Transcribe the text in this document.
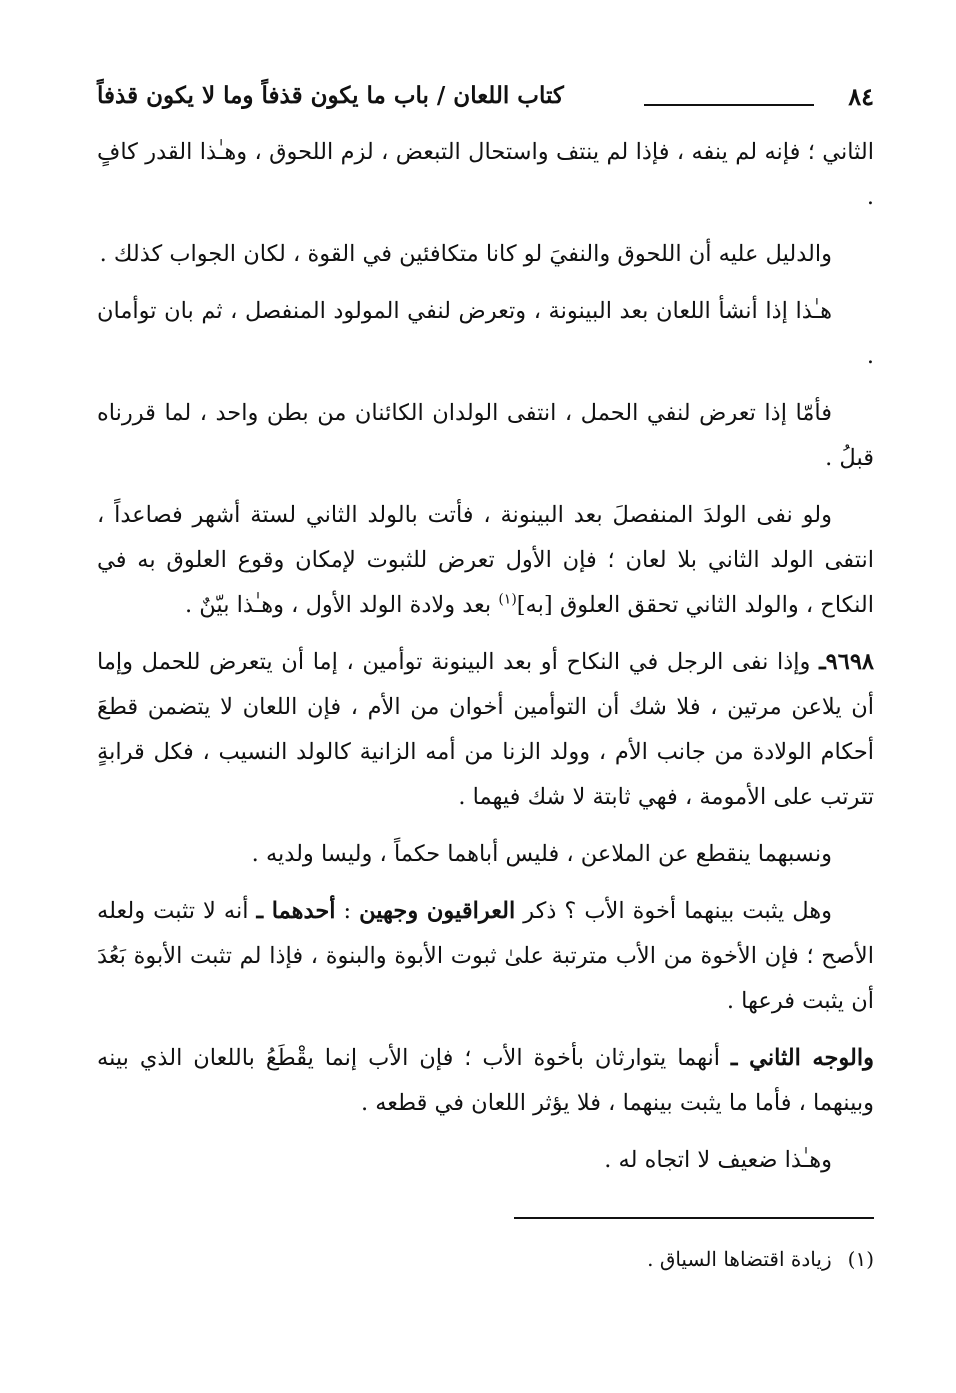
٨٤
كتاب اللعان / باب ما يكون قذفاً وما لا يكون قذفاً

الثاني ؛ فإنه لم ينفه ، فإذا لم ينتف واستحال التبعض ، لزم اللحوق ، وهـٰذا القدر كافٍ .

والدليل عليه أن اللحوق والنفيَ لو كانا متكافئين في القوة ، لكان الجواب كذلك .

هـٰذا إذا أنشأ اللعان بعد البينونة ، وتعرض لنفي المولود المنفصل ، ثم بان توأمان .

فأمّا إذا تعرض لنفي الحمل ، انتفى الولدان الكائنان من بطن واحد ، لما قررناه قبلُ .

ولو نفى الولدَ المنفصلَ بعد البينونة ، فأتت بالولد الثاني لستة أشهر فصاعداً ، انتفى الولد الثاني بلا لعان ؛ فإن الأول تعرض للثبوت لإمكان وقوع العلوق به في النكاح ، والولد الثاني تحقق العلوق [به]$^{(١)}$ بعد ولادة الولد الأول ، وهـٰذا بيّنٌ .

٩٦٩٨ـ وإذا نفى الرجل في النكاح أو بعد البينونة توأمين ، إما أن يتعرض للحمل وإما أن يلاعن مرتين ، فلا شك أن التوأمين أخوان من الأم ، فإن اللعان لا يتضمن قطعَ أحكام الولادة من جانب الأم ، وولد الزنا من أمه الزانية كالولد النسيب ، فكل قرابةٍ تترتب على الأمومة ، فهي ثابتة لا شك فيهما .

ونسبهما ينقطع عن الملاعن ، فليس أباهما حكماً ، وليسا ولديه .

وهل يثبت بينهما أخوة الأب ؟ ذكر العراقيون وجهين : أحدهما ـ أنه لا تثبت ولعله الأصح ؛ فإن الأخوة من الأب مترتبة علىٰ ثبوت الأبوة والبنوة ، فإذا لم تثبت الأبوة بَعُدَ أن يثبت فرعها .

والوجه الثاني ـ أنهما يتوارثان بأخوة الأب ؛ فإن الأب إنما يقْطَعُ باللعان الذي بينه وبينهما ، فأما ما يثبت بينهما ، فلا يؤثر اللعان في قطعه .

وهـٰذا ضعيف لا اتجاه له .

(١)زيادة اقتضاها السياق .
